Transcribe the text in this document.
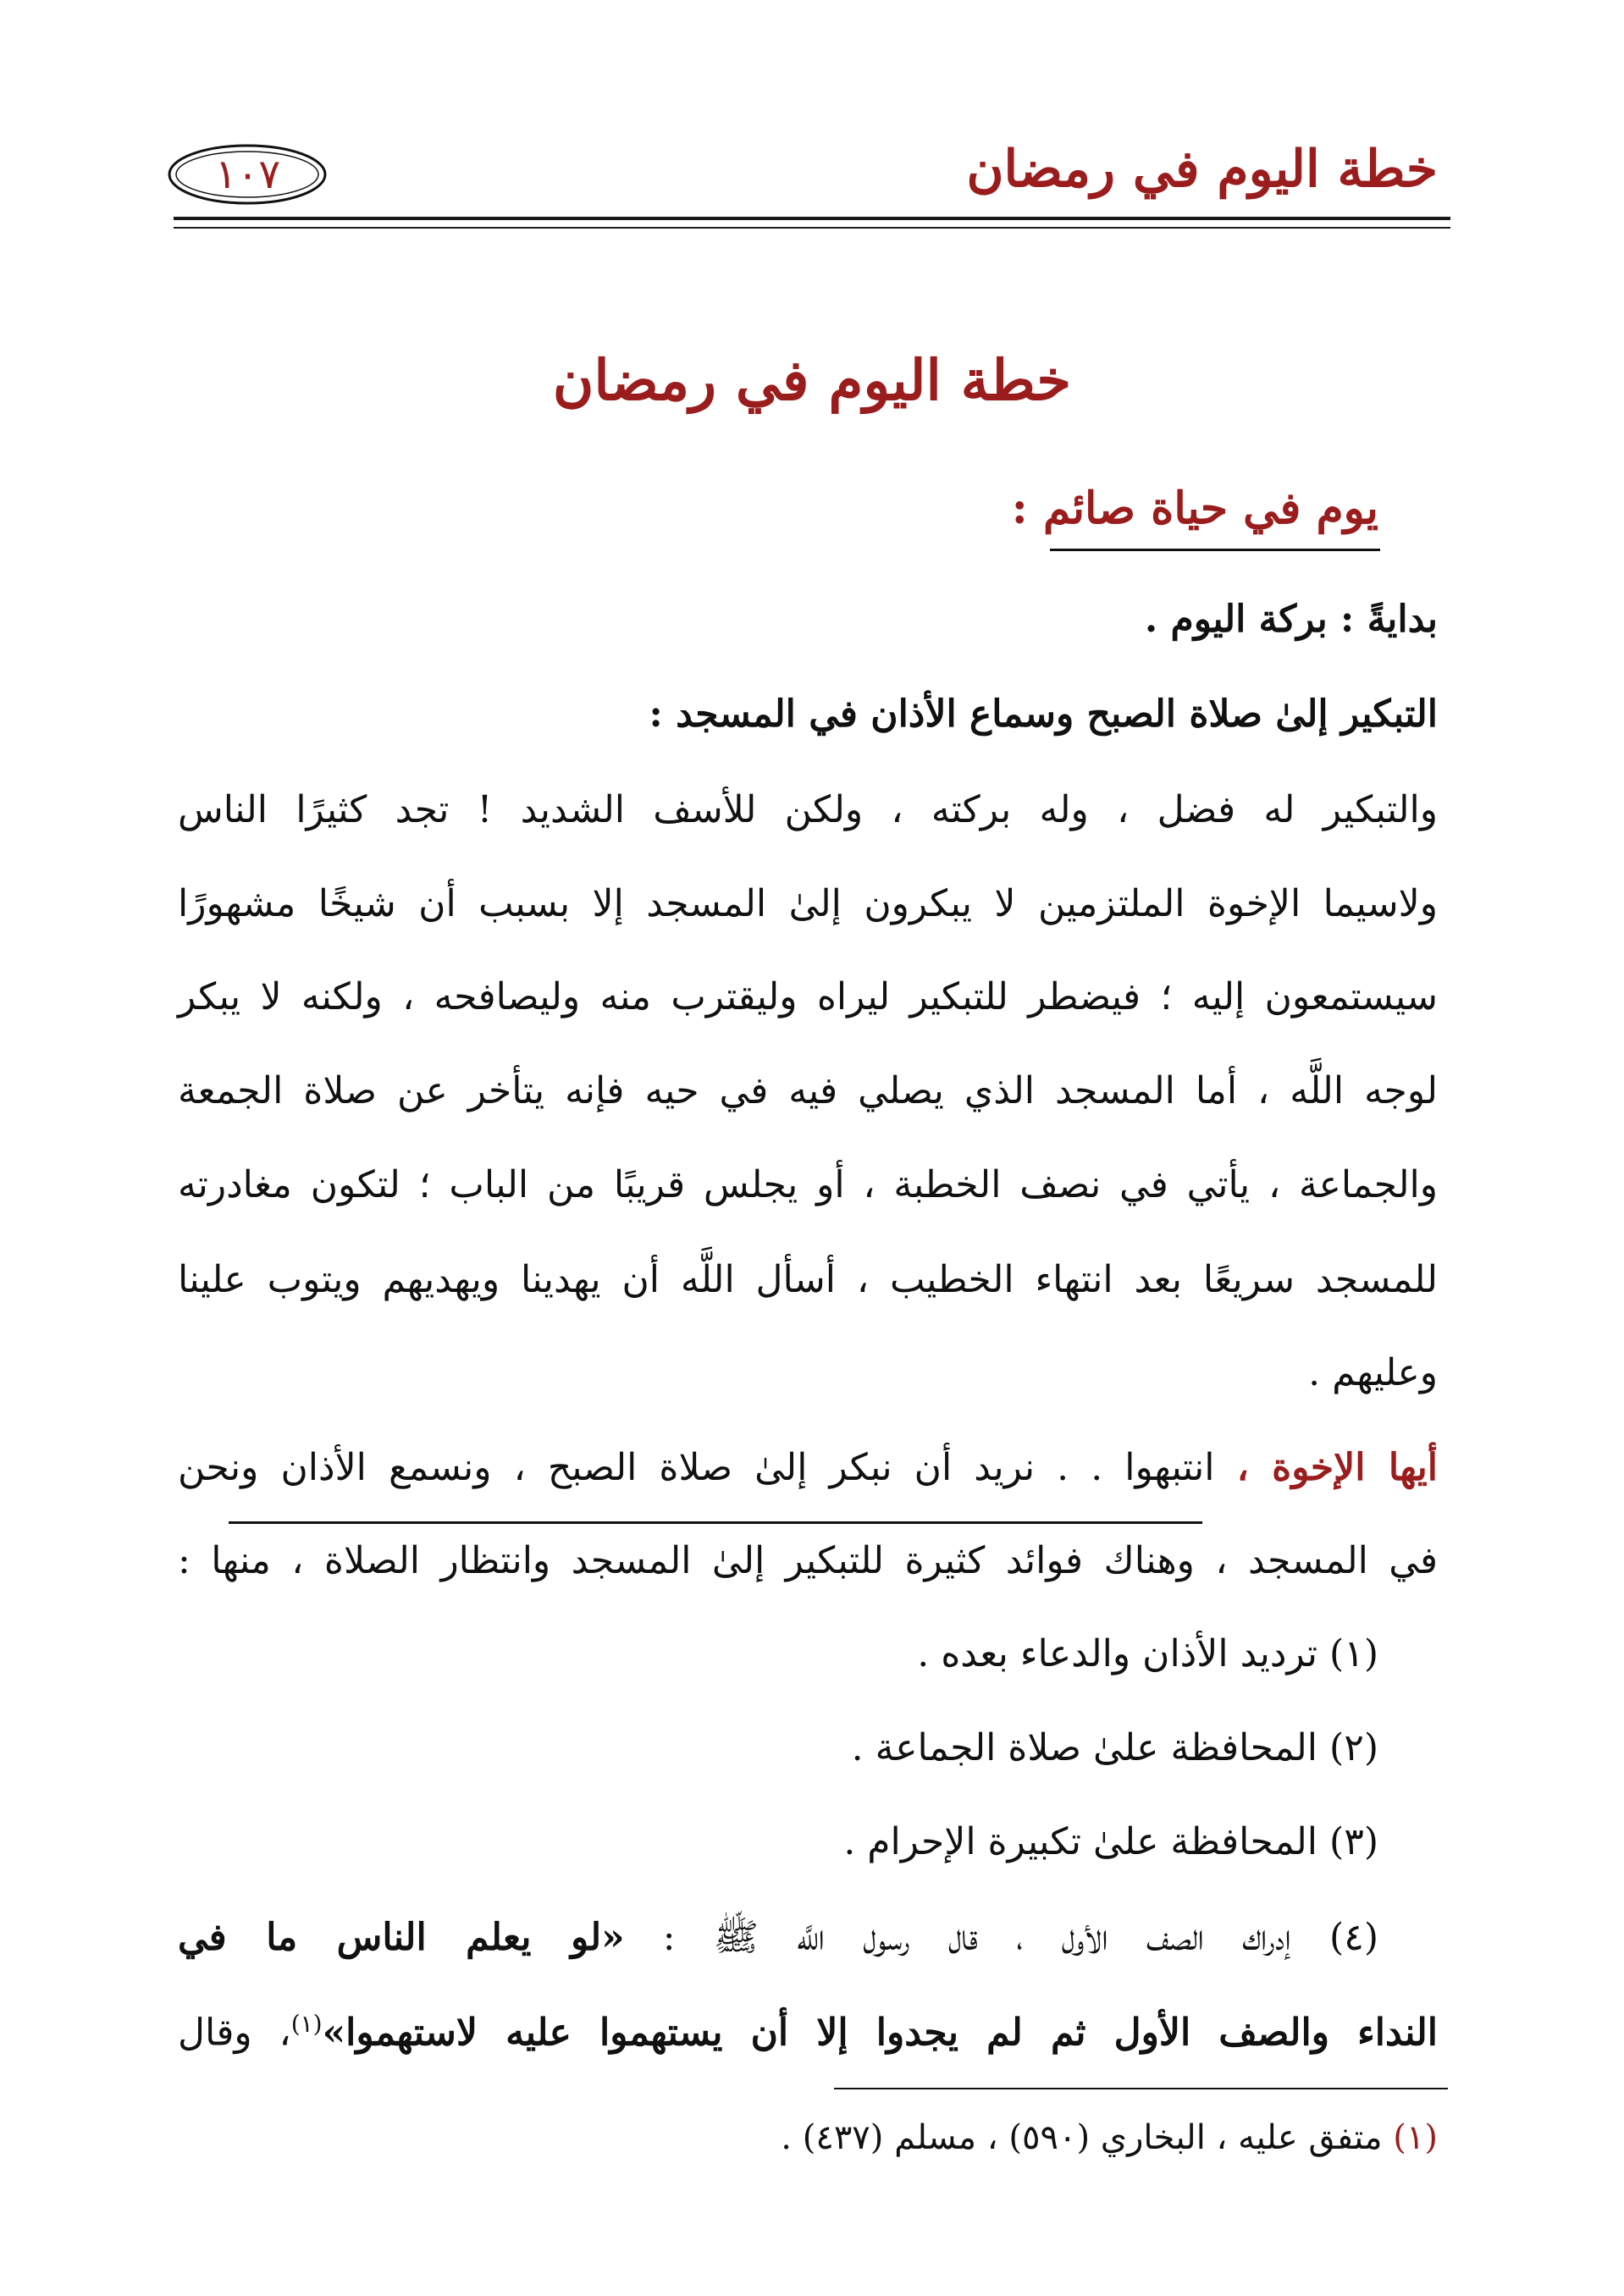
خطة اليوم في رمضان
١٠٧
خطة اليوم في رمضان
يوم في حياة صائم :
بدايةً : بركة اليوم .
التبكير إلىٰ صلاة الصبح وسماع الأذان في المسجد :
والتبكير له فضل ، وله بركته ، ولكن للأسف الشديد ! تجد كثيرًا الناس
ولاسيما الإخوة الملتزمين لا يبكرون إلىٰ المسجد إلا بسبب أن شيخًا مشهورًا
سيستمعون إليه ؛ فيضطر للتبكير ليراه وليقترب منه وليصافحه ، ولكنه لا يبكر
لوجه اللَّه ، أما المسجد الذي يصلي فيه في حيه فإنه يتأخر عن صلاة الجمعة
والجماعة ، يأتي في نصف الخطبة ، أو يجلس قريبًا من الباب ؛ لتكون مغادرته
للمسجد سريعًا بعد انتهاء الخطيب ، أسأل اللَّه أن يهدينا ويهديهم ويتوب علينا
وعليهم .
أيها الإخوة ، انتبهوا . . نريد أن نبكر إلىٰ صلاة الصبح ، ونسمع الأذان ونحن
في المسجد ، وهناك فوائد كثيرة للتبكير إلىٰ المسجد وانتظار الصلاة ، منها :
(١) ترديد الأذان والدعاء بعده .
(٢) المحافظة علىٰ صلاة الجماعة .
(٣) المحافظة علىٰ تكبيرة الإحرام .
(٤) إدراك الصف الأول ، قال رسول اللَّه ﷺ : «لو يعلم الناس ما في
النداء والصف الأول ثم لم يجدوا إلا أن يستهموا عليه لاستهموا»$^{(١)}$، وقال
(١) متفق عليه ، البخاري (٥٩٠) ، مسلم (٤٣٧) .
